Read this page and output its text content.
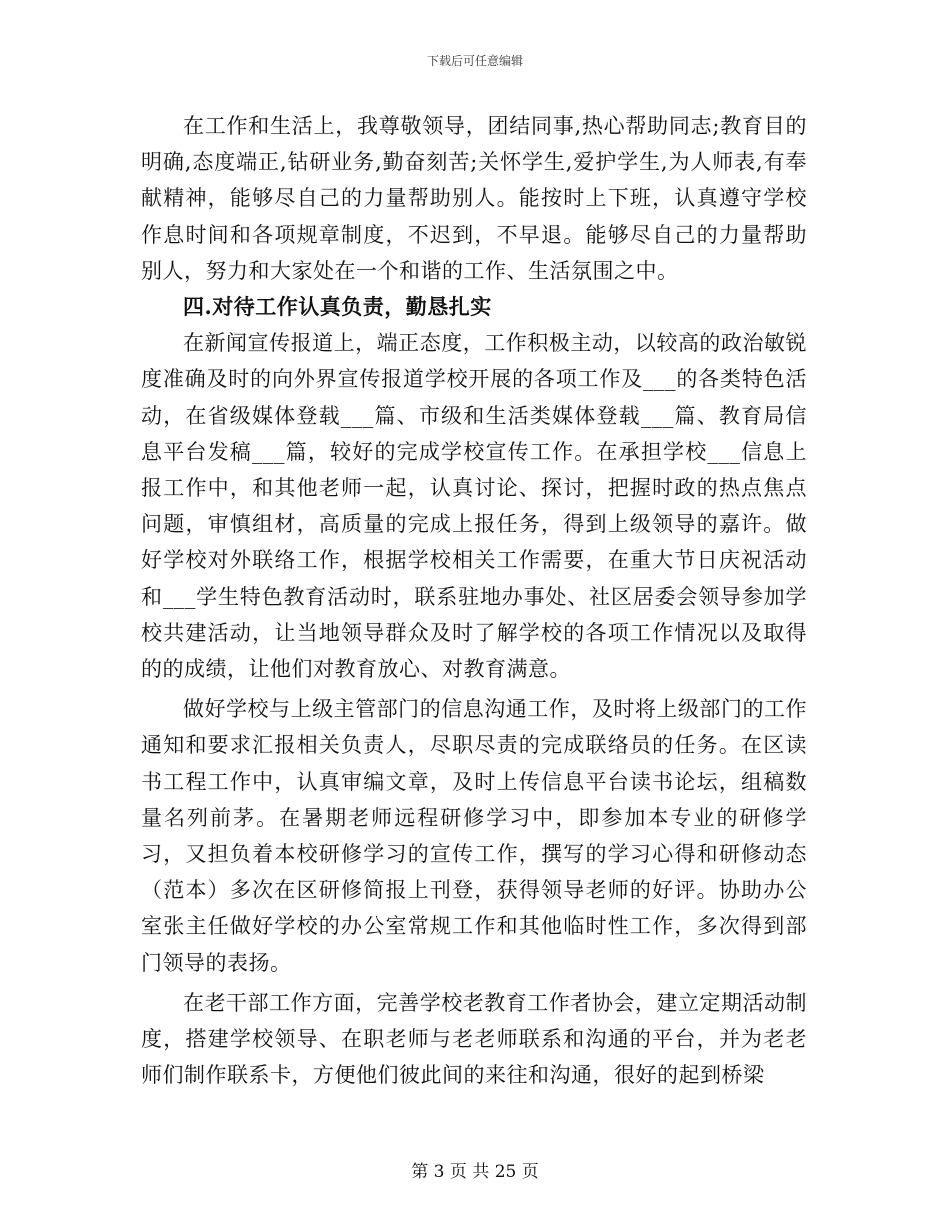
下载后可任意编辑

在工作和生活上，我尊敬领导，团结同事,热心帮助同志;教育目的明确,态度端正,钻研业务,勤奋刻苦;关怀学生,爱护学生,为人师表,有奉献精神，能够尽自己的力量帮助别人。能按时上下班，认真遵守学校作息时间和各项规章制度，不迟到，不早退。能够尽自己的力量帮助别人，努力和大家处在一个和谐的工作、生活氛围之中。

四.对待工作认真负责，勤恳扎实

在新闻宣传报道上，端正态度，工作积极主动，以较高的政治敏锐度准确及时的向外界宣传报道学校开展的各项工作及___的各类特色活动，在省级媒体登载___篇、市级和生活类媒体登载___篇、教育局信息平台发稿___篇，较好的完成学校宣传工作。在承担学校___信息上报工作中，和其他老师一起，认真讨论、探讨，把握时政的热点焦点问题，审慎组材，高质量的完成上报任务，得到上级领导的嘉许。做好学校对外联络工作，根据学校相关工作需要，在重大节日庆祝活动和___学生特色教育活动时，联系驻地办事处、社区居委会领导参加学校共建活动，让当地领导群众及时了解学校的各项工作情况以及取得的的成绩，让他们对教育放心、对教育满意。

做好学校与上级主管部门的信息沟通工作，及时将上级部门的工作通知和要求汇报相关负责人，尽职尽责的完成联络员的任务。在区读书工程工作中，认真审编文章，及时上传信息平台读书论坛，组稿数量名列前茅。在暑期老师远程研修学习中，即参加本专业的研修学习，又担负着本校研修学习的宣传工作，撰写的学习心得和研修动态（范本）多次在区研修简报上刊登，获得领导老师的好评。协助办公室张主任做好学校的办公室常规工作和其他临时性工作，多次得到部门领导的表扬。

在老干部工作方面，完善学校老教育工作者协会，建立定期活动制度，搭建学校领导、在职老师与老老师联系和沟通的平台，并为老老师们制作联系卡，方便他们彼此间的来往和沟通，很好的起到桥梁

第 3 页 共 25 页
